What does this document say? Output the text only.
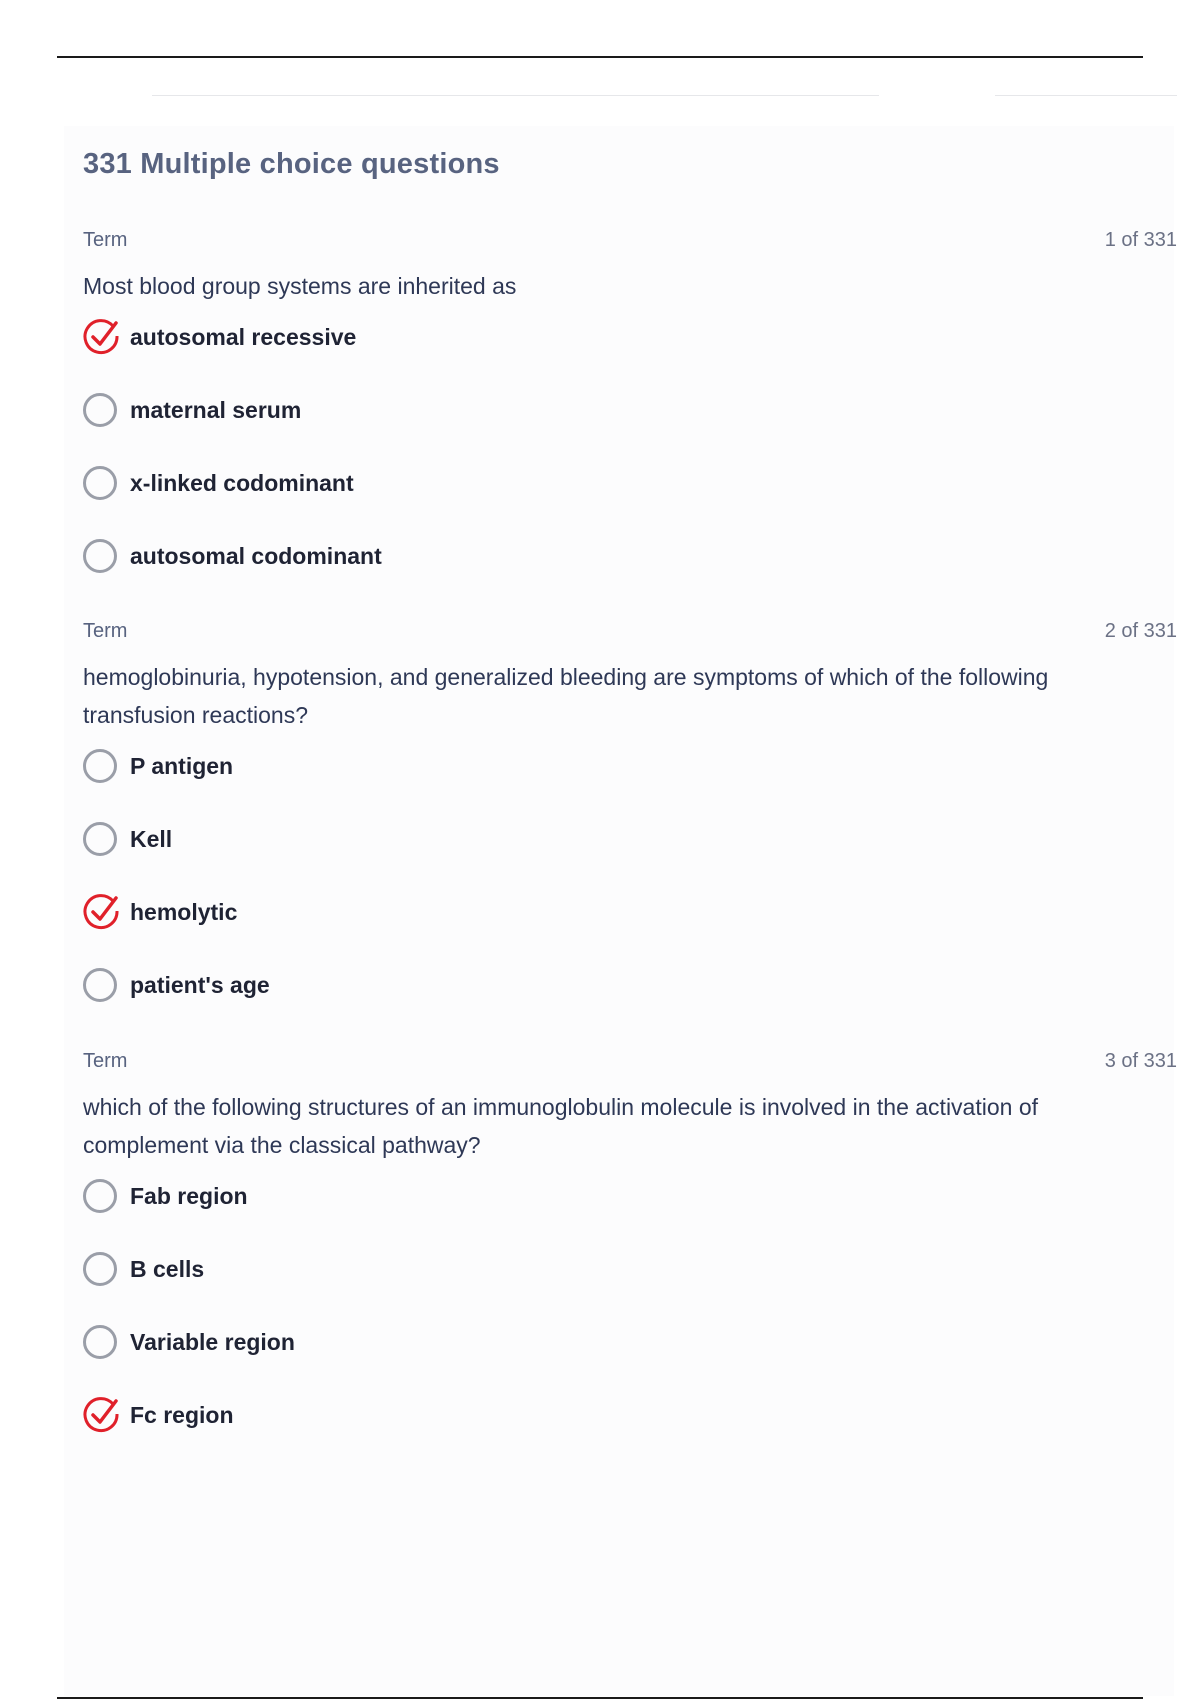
331 Multiple choice questions
Term	1 of 331

Most blood group systems are inherited as

autosomal recessive
maternal serum
x-linked codominant
autosomal codominant
Term	2 of 331

hemoglobinuria, hypotension, and generalized bleeding are symptoms of which of the following transfusion reactions?

P antigen
Kell
hemolytic
patient's age
Term	3 of 331

which of the following structures of an immunoglobulin molecule is involved in the activation of complement via the classical pathway?

Fab region
B cells
Variable region
Fc region
